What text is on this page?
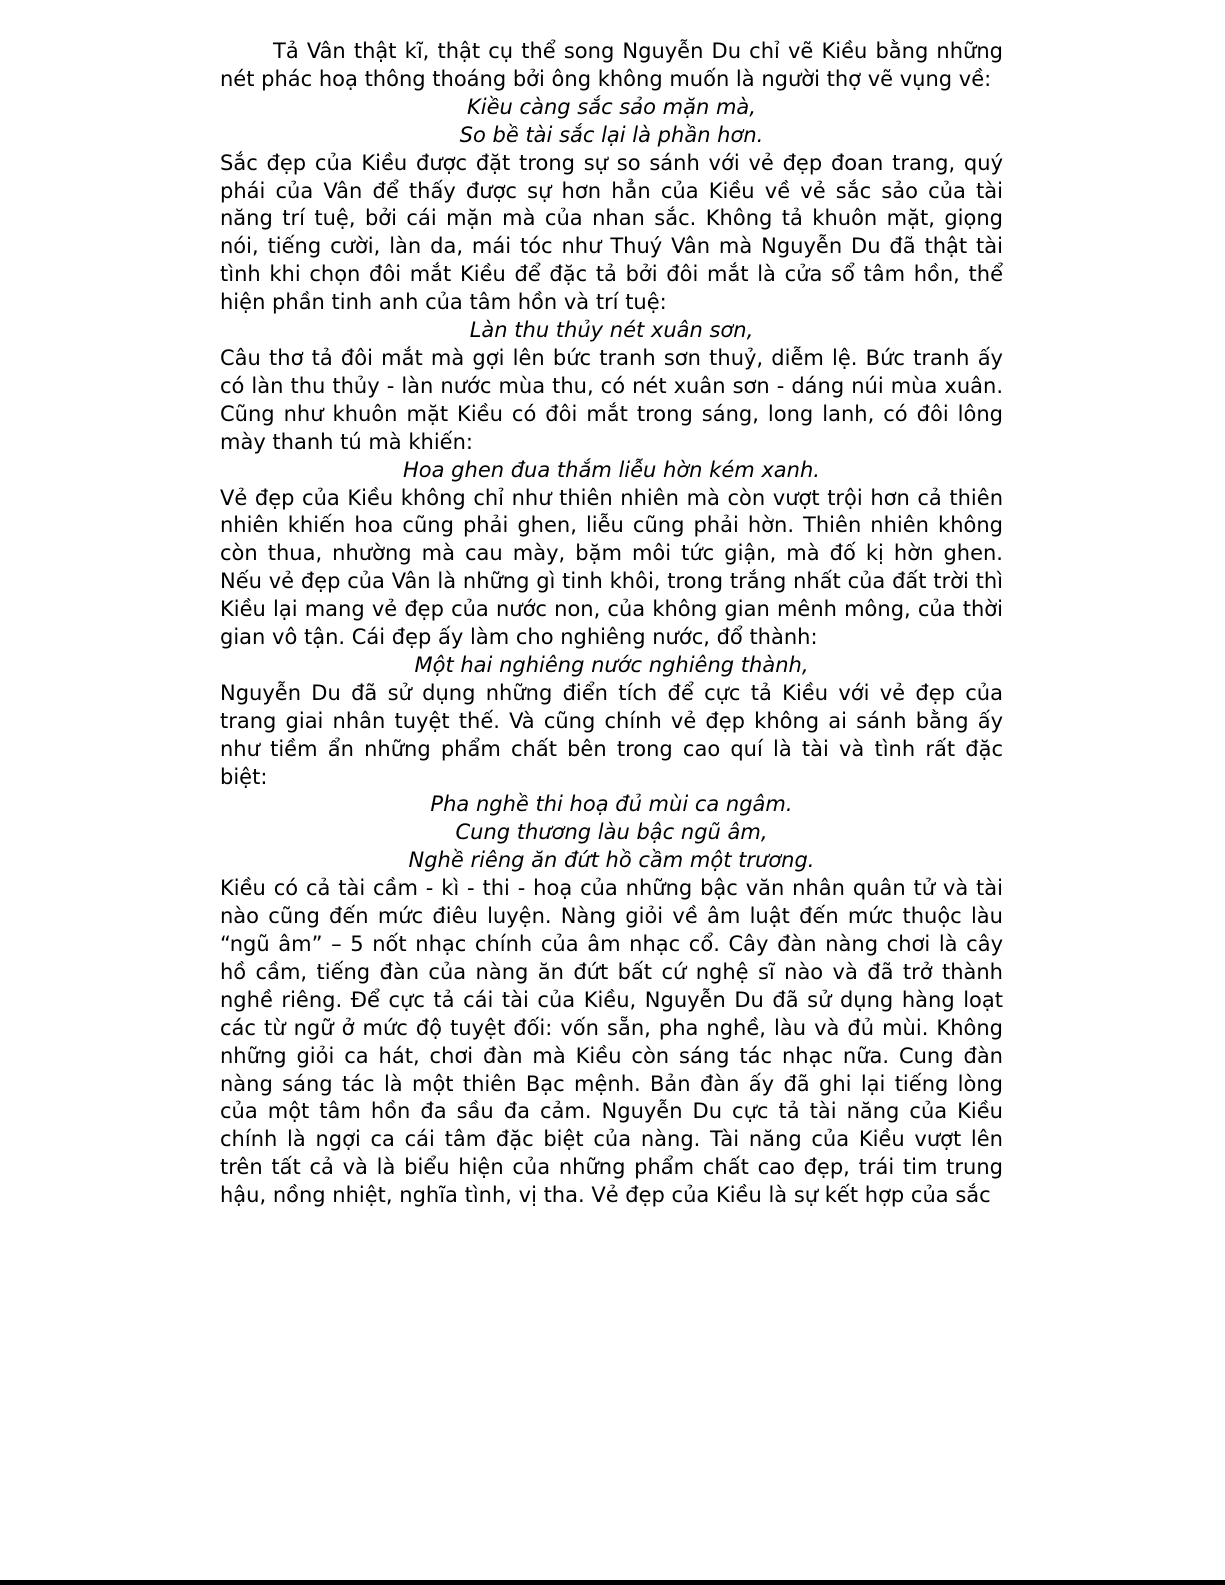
Tả Vân thật kĩ, thật cụ thể song Nguyễn Du chỉ vẽ Kiều bằng những nét phác hoạ thông thoáng bởi ông không muốn là người thợ vẽ vụng về:

Kiều càng sắc sảo mặn mà,

So bề tài sắc lại là phần hơn.

Sắc đẹp của Kiều được đặt trong sự so sánh với vẻ đẹp đoan trang, quý phái của Vân để thấy được sự hơn hẳn của Kiều về vẻ sắc sảo của tài năng trí tuệ, bởi cái mặn mà của nhan sắc. Không tả khuôn mặt, giọng nói, tiếng cười, làn da, mái tóc như Thuý Vân mà Nguyễn Du đã thật tài tình khi chọn đôi mắt Kiều để đặc tả bởi đôi mắt là cửa sổ tâm hồn, thể hiện phần tinh anh của tâm hồn và trí tuệ:

Làn thu thủy nét xuân sơn,

Câu thơ tả đôi mắt mà gợi lên bức tranh sơn thuỷ, diễm lệ. Bức tranh ấy có làn thu thủy - làn nước mùa thu, có nét xuân sơn - dáng núi mùa xuân. Cũng như khuôn mặt Kiều có đôi mắt trong sáng, long lanh, có đôi lông mày thanh tú mà khiến:

Hoa ghen đua thắm liễu hờn kém xanh.

Vẻ đẹp của Kiều không chỉ như thiên nhiên mà còn vượt trội hơn cả thiên nhiên khiến hoa cũng phải ghen, liễu cũng phải hờn. Thiên nhiên không còn thua, nhường mà cau mày, bặm môi tức giận, mà đố kị hờn ghen. Nếu vẻ đẹp của Vân là những gì tinh khôi, trong trắng nhất của đất trời thì Kiều lại mang vẻ đẹp của nước non, của không gian mênh mông, của thời gian vô tận. Cái đẹp ấy làm cho nghiêng nước, đổ thành:

Một hai nghiêng nước nghiêng thành,

Nguyễn Du đã sử dụng những điển tích để cực tả Kiều với vẻ đẹp của trang giai nhân tuyệt thế. Và cũng chính vẻ đẹp không ai sánh bằng ấy như tiềm ẩn những phẩm chất bên trong cao quí là tài và tình rất đặc biệt:

Pha nghề thi hoạ đủ mùi ca ngâm.

Cung thương làu bậc ngũ âm,

Nghề riêng ăn đứt hồ cầm một trương.

Kiều có cả tài cầm - kì - thi - hoạ của những bậc văn nhân quân tử và tài nào cũng đến mức điêu luyện. Nàng giỏi về âm luật đến mức thuộc làu “ngũ âm” – 5 nốt nhạc chính của âm nhạc cổ. Cây đàn nàng chơi là cây hồ cầm, tiếng đàn của nàng ăn đứt bất cứ nghệ sĩ nào và đã trở thành nghề riêng. Để cực tả cái tài của Kiều, Nguyễn Du đã sử dụng hàng loạt các từ ngữ ở mức độ tuyệt đối: vốn sẵn, pha nghề, làu và đủ mùi. Không những giỏi ca hát, chơi đàn mà Kiều còn sáng tác nhạc nữa. Cung đàn nàng sáng tác là một thiên Bạc mệnh. Bản đàn ấy đã ghi lại tiếng lòng của một tâm hồn đa sầu đa cảm. Nguyễn Du cực tả tài năng của Kiều chính là ngợi ca cái tâm đặc biệt của nàng. Tài năng của Kiều vượt lên trên tất cả và là biểu hiện của những phẩm chất cao đẹp, trái tim trung hậu, nồng nhiệt, nghĩa tình, vị tha. Vẻ đẹp của Kiều là sự kết hợp của sắc
